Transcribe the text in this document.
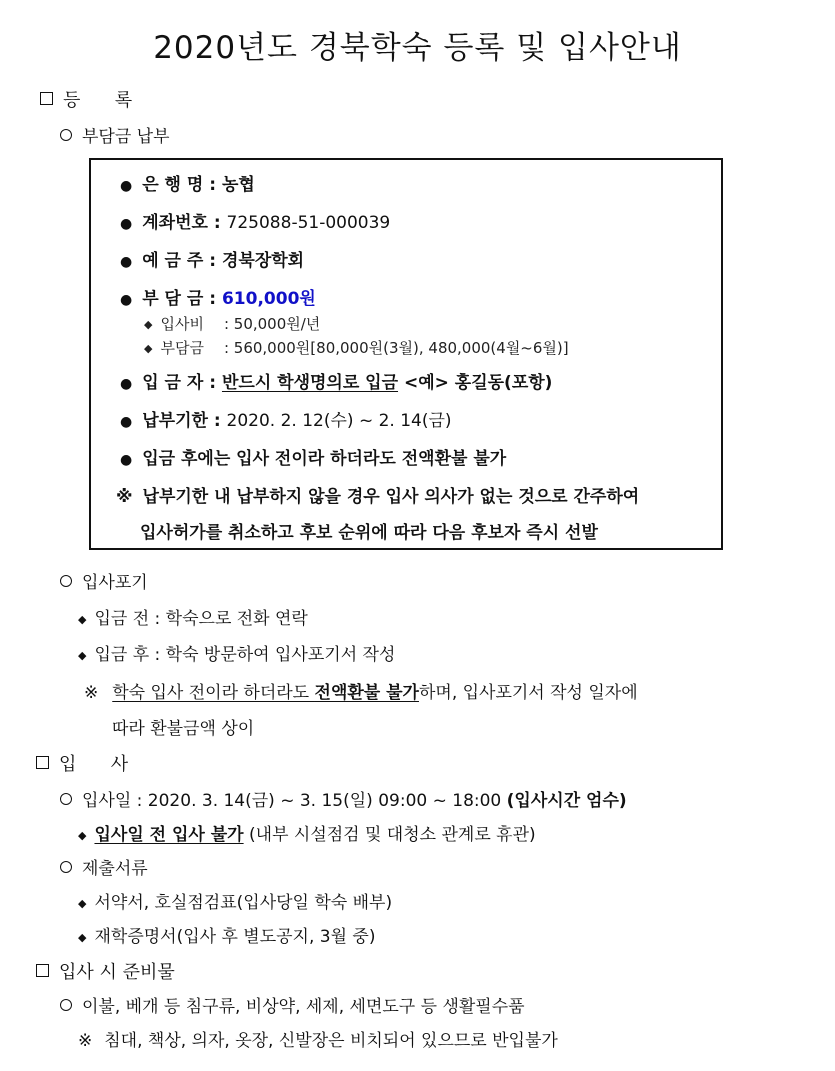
2020년도 경북학숙 등록 및 입사안내
등      록
부담금 납부
● 은 행 명 : 농협
● 계좌번호 : 725088-51-000039
● 예 금 주 : 경북장학회
● 부 담 금 : 610,000원
◆ 입사비 : 50,000원/년
◆ 부담금 : 560,000원[80,000원(3월), 480,000(4월~6월)]
● 입 금 자 : 반드시 학생명의로 입금 <예> 홍길동(포항)
● 납부기한 : 2020. 2. 12(수) ~ 2. 14(금)
● 입금 후에는 입사 전이라 하더라도 전액환불 불가
※ 납부기한 내 납부하지 않을 경우 입사 의사가 없는 것으로 간주하여
입사허가를 취소하고 후보 순위에 따라 다음 후보자 즉시 선발
입사포기
◆ 입금 전 : 학숙으로 전화 연락
◆ 입금 후 : 학숙 방문하여 입사포기서 작성
※ 학숙 입사 전이라 하더라도 전액환불 불가하며, 입사포기서 작성 일자에
따라 환불금액 상이
입      사
입사일 : 2020. 3. 14(금) ~ 3. 15(일) 09:00 ~ 18:00 (입사시간 엄수)
◆ 입사일 전 입사 불가 (내부 시설점검 및 대청소 관계로 휴관)
제출서류
◆ 서약서, 호실점검표(입사당일 학숙 배부)
◆ 재학증명서(입사 후 별도공지, 3월 중)
입사 시 준비물
이불, 베개 등 침구류, 비상약, 세제, 세면도구 등 생활필수품
※ 침대, 책상, 의자, 옷장, 신발장은 비치되어 있으므로 반입불가
